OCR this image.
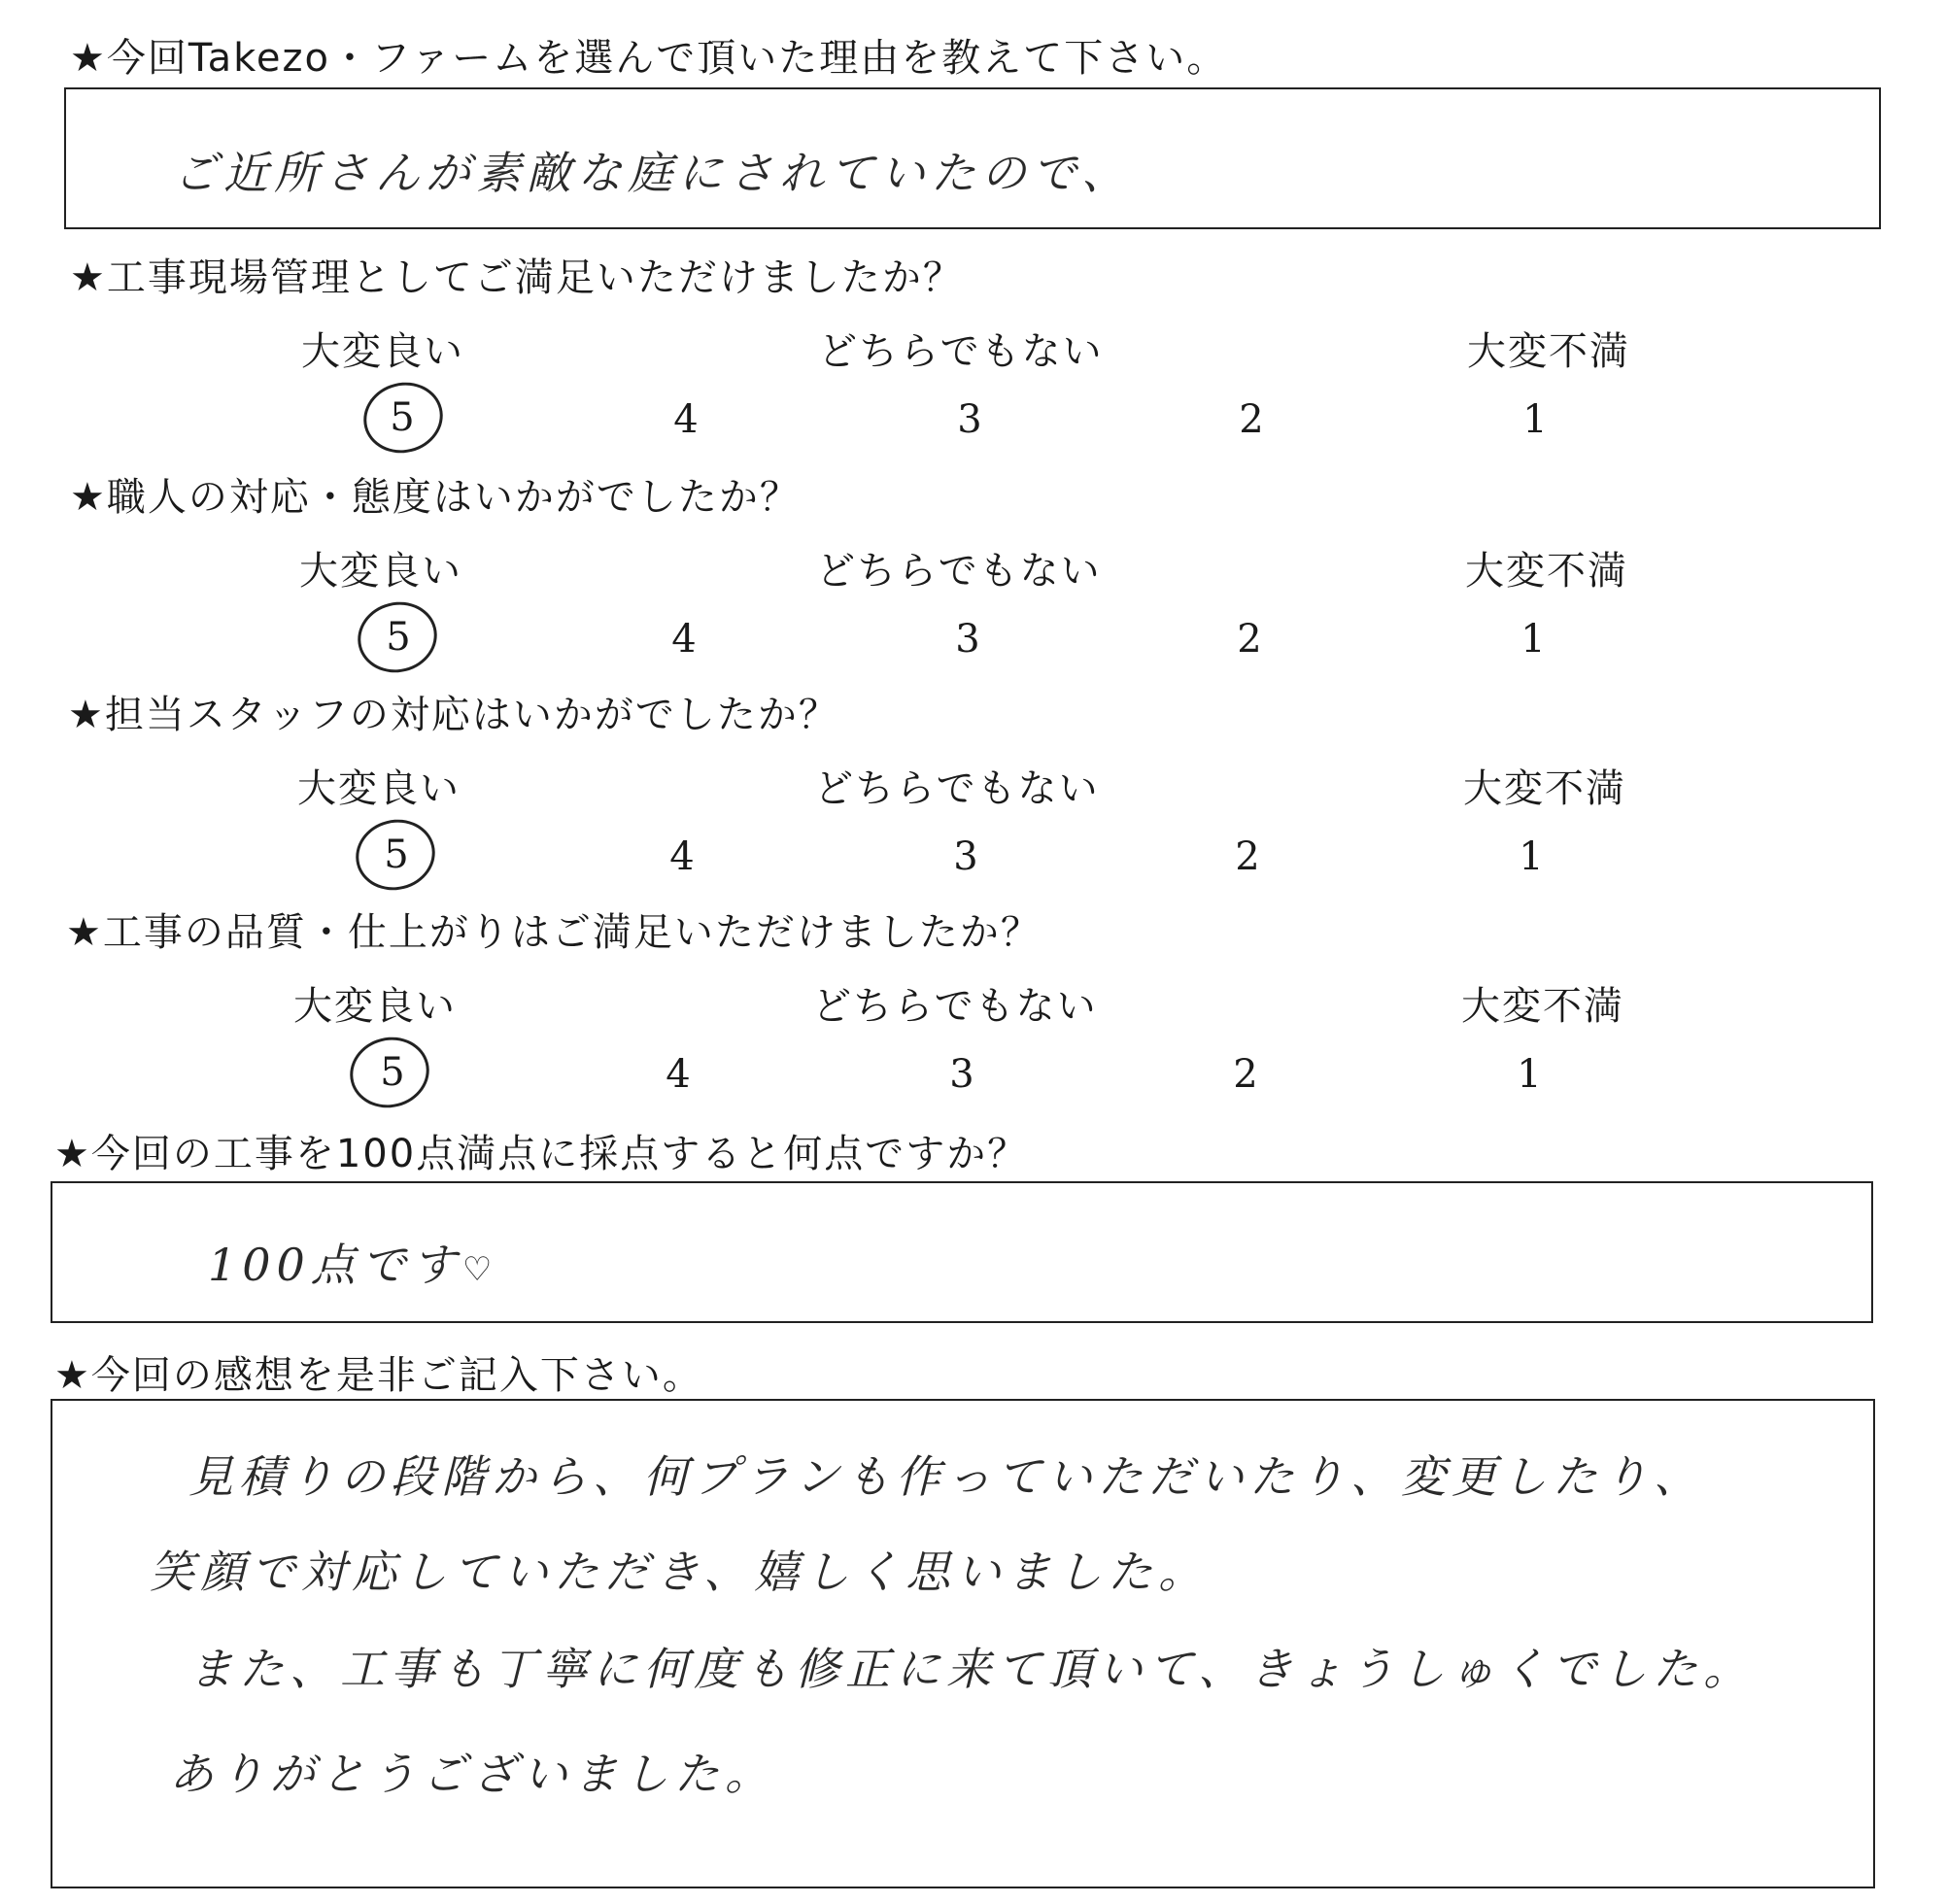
★今回Takezo・ファームを選んで頂いた理由を教えて下さい。
ご近所さんが素敵な庭にされていたので、
★工事現場管理としてご満足いただけましたか？
大変良い	どちらでもない	大変不満
5	4	3	2	1
★職人の対応・態度はいかがでしたか？
大変良い	どちらでもない	大変不満
5	4	3	2	1
★担当スタッフの対応はいかがでしたか？
大変良い	どちらでもない	大変不満
5	4	3	2	1
★工事の品質・仕上がりはご満足いただけましたか？
大変良い	どちらでもない	大変不満
5	4	3	2	1
★今回の工事を100点満点に採点すると何点ですか？
100点です♡
★今回の感想を是非ご記入下さい。
見積りの段階から、何プランも作っていただいたり、変更したり、
笑顔で対応していただき、嬉しく思いました。
また、工事も丁寧に何度も修正に来て頂いて、きょうしゅくでした。
ありがとうございました。
